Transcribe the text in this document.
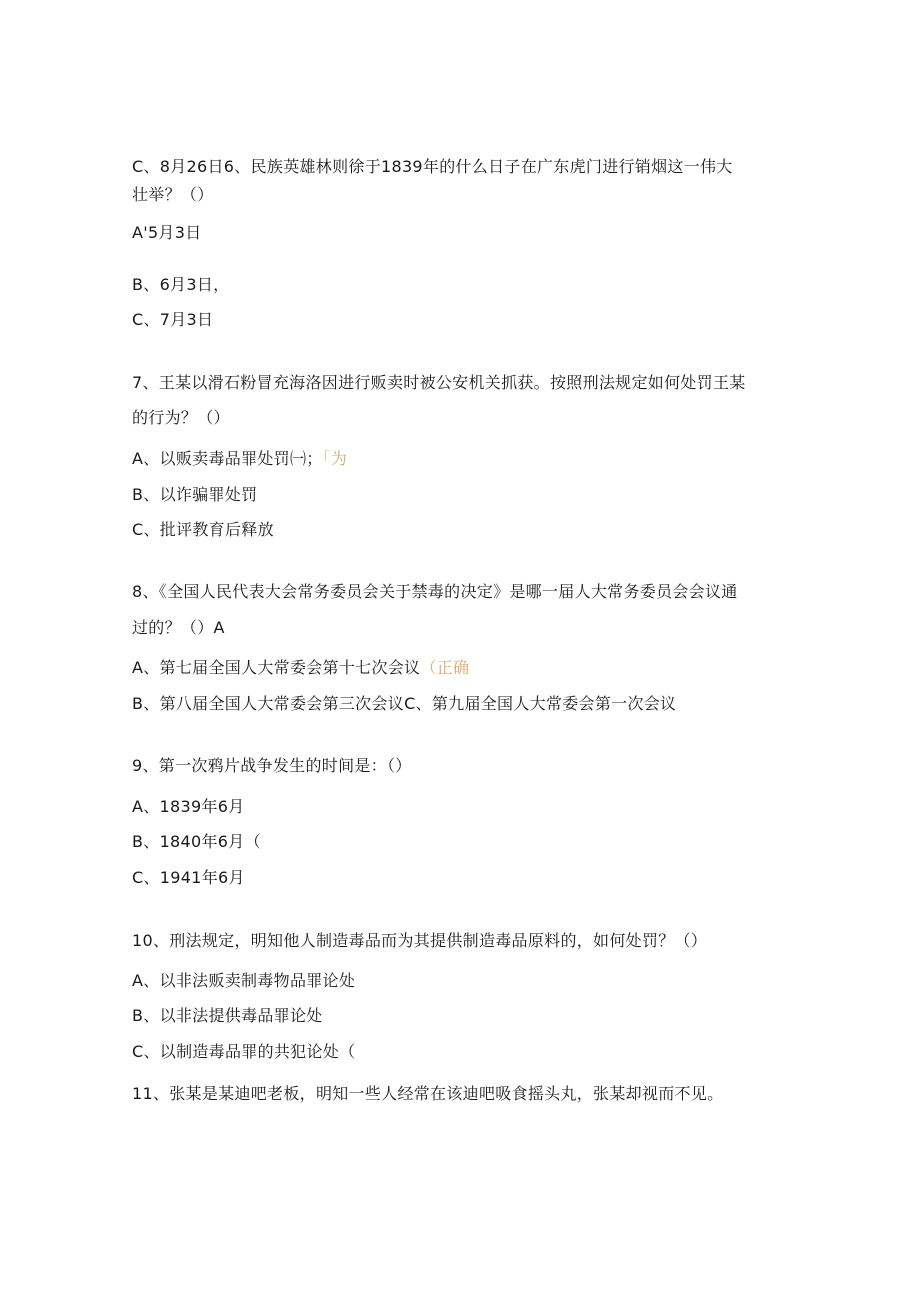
C、8月26日6、民族英雄林则徐于1839年的什么日子在广东虎门进行销烟这一伟大
壮举？（）
A'5月3日
B、6月3日，
C、7月3日
7、王某以滑石粉冒充海洛因进行贩卖时被公安机关抓获。按照刑法规定如何处罚王某
的行为？（）
A、以贩卖毒品罪处罚㈠；「为
B、以诈骗罪处罚
C、批评教育后释放
8、《全国人民代表大会常务委员会关于禁毒的决定》是哪一届人大常务委员会会议通
过的？（）A
A、第七届全国人大常委会第十七次会议（正确
B、第八届全国人大常委会第三次会议C、第九届全国人大常委会第一次会议
9、第一次鸦片战争发生的时间是：（）
A、1839年6月
B、1840年6月（
C、1941年6月
10、刑法规定，明知他人制造毒品而为其提供制造毒品原料的，如何处罚？（）
A、以非法贩卖制毒物品罪论处
B、以非法提供毒品罪论处
C、以制造毒品罪的共犯论处（
11、张某是某迪吧老板，明知一些人经常在该迪吧吸食摇头丸，张某却视而不见。
